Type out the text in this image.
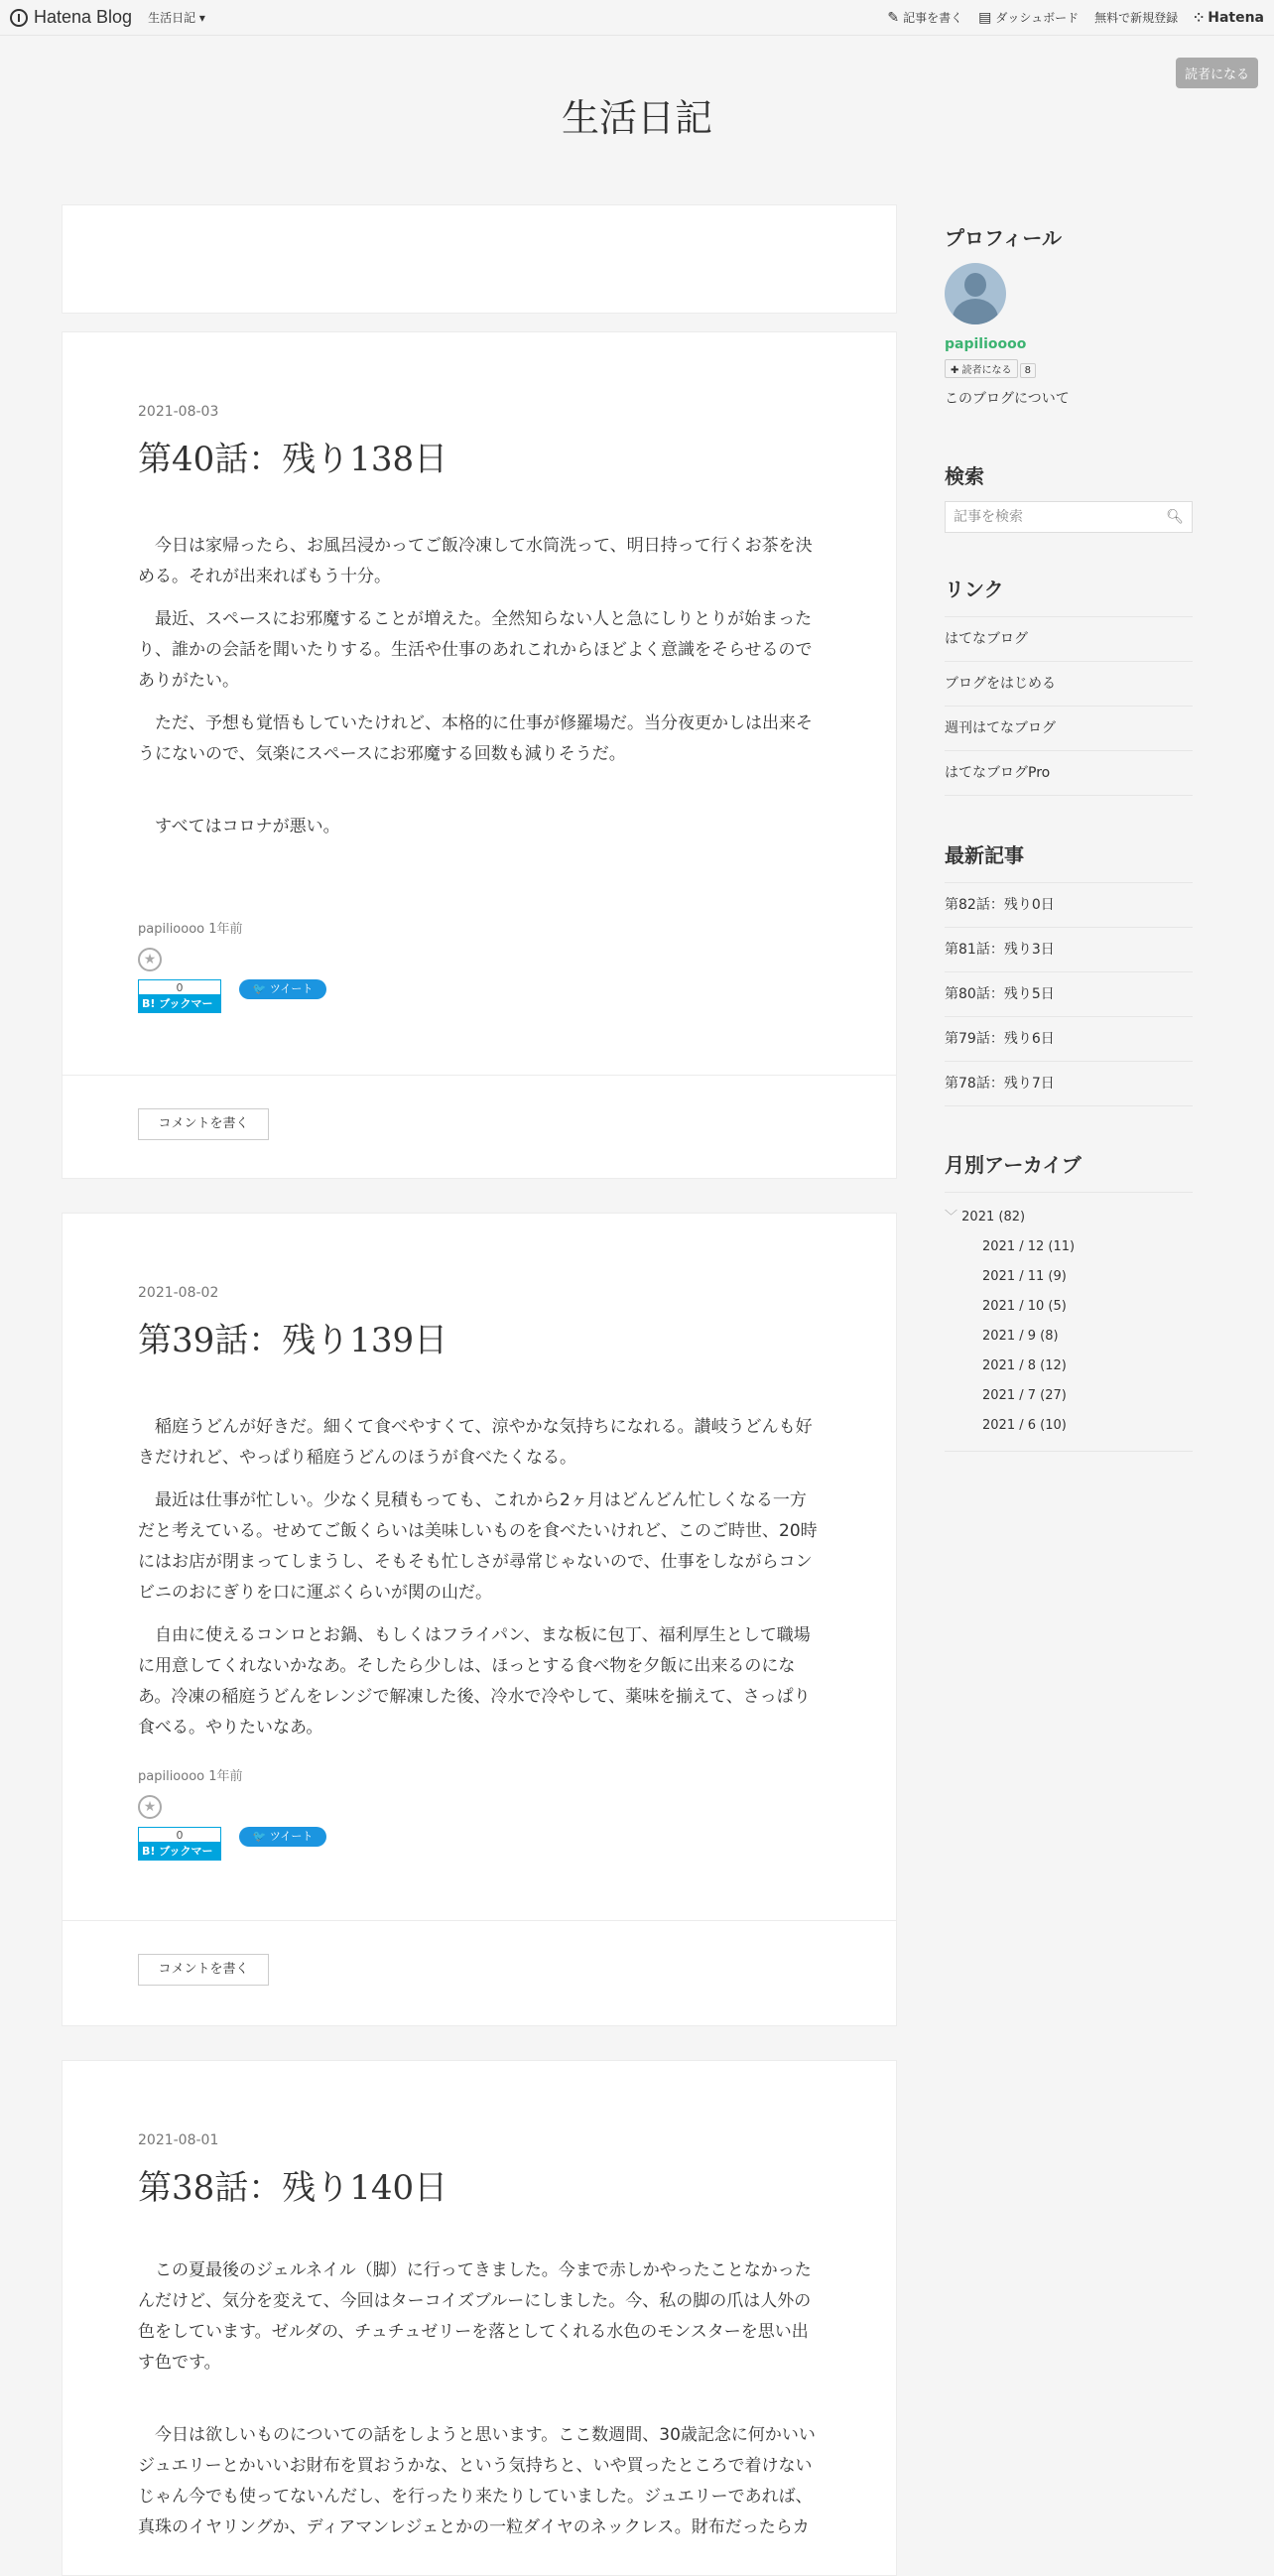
Hatena Blog 生活日記 ▾	✎ 記事を書く ▤ ダッシュボード 無料で新規登録 ⁘ Hatena
読者になる
生活日記
2021-08-03
第40話：残り138日

今日は家帰ったら、お風呂浸かってご飯冷凍して水筒洗って、明日持って行くお茶を決める。それが出来ればもう十分。

最近、スペースにお邪魔することが増えた。全然知らない人と急にしりとりが始まったり、誰かの会話を聞いたりする。生活や仕事のあれこれからほどよく意識をそらせるのでありがたい。

ただ、予想も覚悟もしていたけれど、本格的に仕事が修羅場だ。当分夜更かしは出来そうにないので、気楽にスペースにお邪魔する回数も減りそうだ。

すべてはコロナが悪い。

papilioooo 1年前
★
0
B! ブックマーク
🐦 ツイート
コメントを書く
2021-08-02
第39話：残り139日

稲庭うどんが好きだ。細くて食べやすくて、涼やかな気持ちになれる。讃岐うどんも好きだけれど、やっぱり稲庭うどんのほうが食べたくなる。

最近は仕事が忙しい。少なく見積もっても、これから2ヶ月はどんどん忙しくなる一方だと考えている。せめてご飯くらいは美味しいものを食べたいけれど、このご時世、20時にはお店が閉まってしまうし、そもそも忙しさが尋常じゃないので、仕事をしながらコンビニのおにぎりを口に運ぶくらいが関の山だ。

自由に使えるコンロとお鍋、もしくはフライパン、まな板に包丁、福利厚生として職場に用意してくれないかなあ。そしたら少しは、ほっとする食べ物を夕飯に出来るのになあ。冷凍の稲庭うどんをレンジで解凍した後、冷水で冷やして、薬味を揃えて、さっぱり食べる。やりたいなあ。

papilioooo 1年前
★
0
B! ブックマーク
🐦 ツイート
コメントを書く
2021-08-01
第38話：残り140日

この夏最後のジェルネイル（脚）に行ってきました。今まで赤しかやったことなかったんだけど、気分を変えて、今回はターコイズブルーにしました。今、私の脚の爪は人外の色をしています。ゼルダの、チュチュゼリーを落としてくれる水色のモンスターを思い出す色です。

今日は欲しいものについての話をしようと思います。ここ数週間、30歳記念に何かいいジュエリーとかいいお財布を買おうかな、という気持ちと、いや買ったところで着けないじゃん今でも使ってないんだし、を行ったり来たりしていました。ジュエリーであれば、真珠のイヤリングか、ディアマンレジェとかの一粒ダイヤのネックレス。財布だったらカ

プロフィール
papilioooo
✚ 読者になる 8
このブログについて
検索
記事を検索	🔍︎
リンク
はてなブログ
ブログをはじめる
週刊はてなブログ
はてなブログPro
最新記事
第82話：残り0日
第81話：残り3日
第80話：残り5日
第79話：残り6日
第78話：残り7日
月別アーカイブ
﹀ 2021 (82)
2021 / 12 (11)
2021 / 11 (9)
2021 / 10 (5)
2021 / 9 (8)
2021 / 8 (12)
2021 / 7 (27)
2021 / 6 (10)
